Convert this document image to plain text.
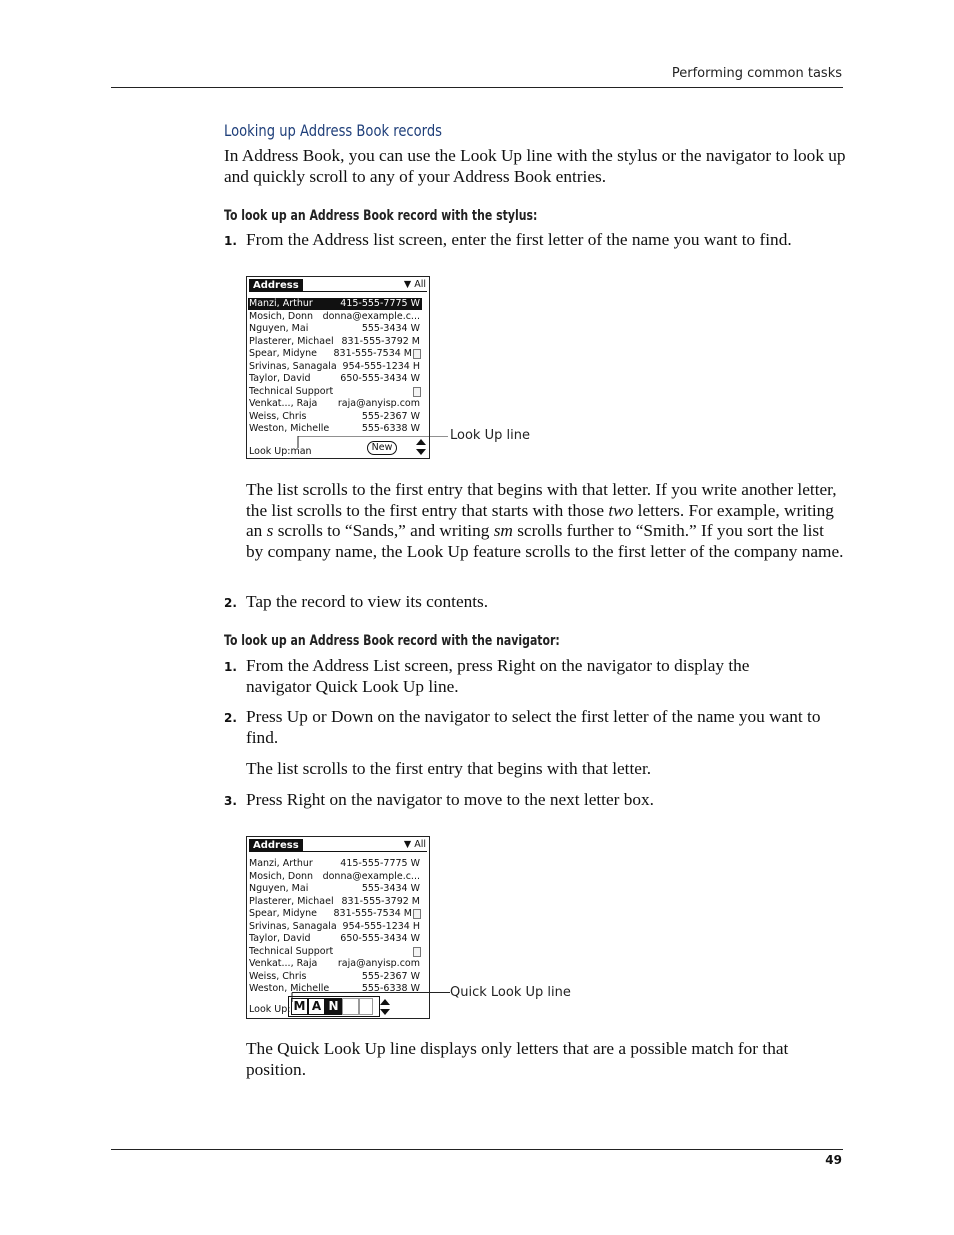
Performing common tasks
Looking up Address Book records
In Address Book, you can use the Look Up line with the stylus or the navigator to look up and quickly scroll to any of your Address Book entries.
To look up an Address Book record with the stylus:
1. From the Address list screen, enter the first letter of the name you want to find.
Address	▼ All
Look Up:man	New
Manzi, Arthur	415-555-7775 W
Mosich, Donn donna@example.c...
Nguyen, Mai	555-3434 W
Plasterer, Michael 831-555-3792 M
Spear, Midyne 831-555-7534 M
Srivinas, Sanagala 954-555-1234 H
Taylor, David	650-555-3434 W
Technical Support
Venkat..., Raja raja@anyisp.com
Weiss, Chris	555-2367 W
Weston, Michelle	555-6338 W Look Up line
The list scrolls to the first entry that begins with that letter. If you write another letter, the list scrolls to the first entry that starts with those two letters. For example, writing an s scrolls to “Sands,” and writing sm scrolls further to “Smith.” If you sort the list by company name, the Look Up feature scrolls to the first letter of the company name.
2. Tap the record to view its contents.
To look up an Address Book record with the navigator:
1. From the Address List screen, press Right on the navigator to display the navigator Quick Look Up line.
2. Press Up or Down on the navigator to select the first letter of the name you want to find.
The list scrolls to the first entry that begins with that letter.
3. Press Right on the navigator to move to the next letter box.
Address	▼ All
Look Up: M A N
Manzi, Arthur	415-555-7775 W
Mosich, Donn donna@example.c...
Nguyen, Mai	555-3434 W
Plasterer, Michael 831-555-3792 M
Spear, Midyne 831-555-7534 M
Srivinas, Sanagala 954-555-1234 H
Taylor, David	650-555-3434 W
Technical Support
Venkat..., Raja raja@anyisp.com
Weiss, Chris	555-2367 W
Weston, Michelle	555-6338 W Quick Look Up line
The Quick Look Up line displays only letters that are a possible match for that position.
49
